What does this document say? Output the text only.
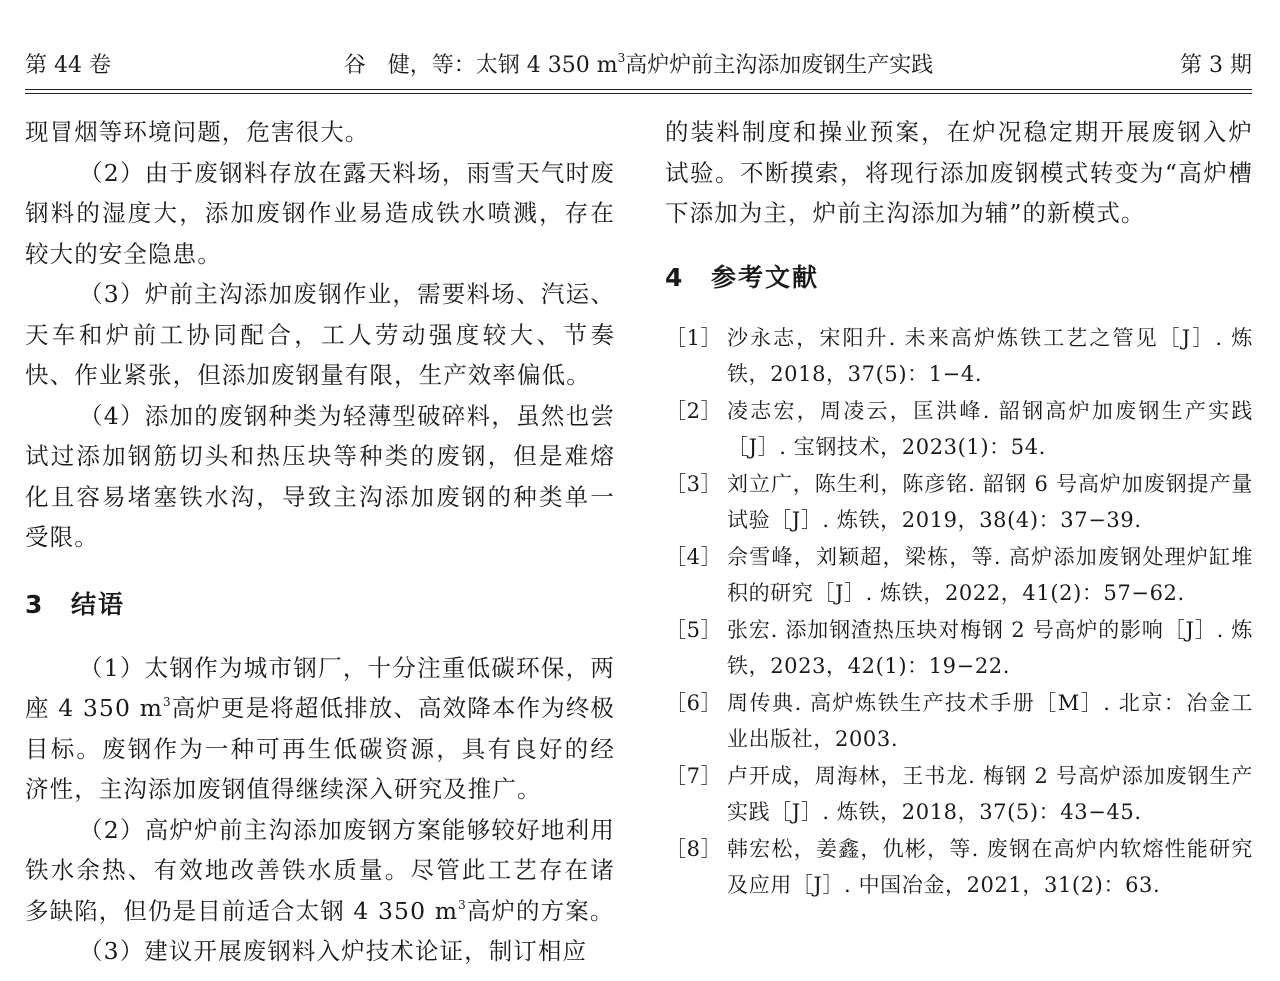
第 44 卷	谷　健，等：太钢 4 350 $m^3$高炉炉前主沟添加废钢生产实践	第 3 期

现冒烟等环境问题，危害很大。

（2）由于废钢料存放在露天料场，雨雪天气时废钢料的湿度大，添加废钢作业易造成铁水喷溅，存在较大的安全隐患。

（3）炉前主沟添加废钢作业，需要料场、汽运、天车和炉前工协同配合，工人劳动强度较大、节奏快、作业紧张，但添加废钢量有限，生产效率偏低。

（4）添加的废钢种类为轻薄型破碎料，虽然也尝试过添加钢筋切头和热压块等种类的废钢，但是难熔化且容易堵塞铁水沟，导致主沟添加废钢的种类单一受限。

3 结语

（1）太钢作为城市钢厂，十分注重低碳环保，两座 4 350 $m^3$高炉更是将超低排放、高效降本作为终极目标。废钢作为一种可再生低碳资源，具有良好的经济性，主沟添加废钢值得继续深入研究及推广。

（2）高炉炉前主沟添加废钢方案能够较好地利用铁水余热、有效地改善铁水质量。尽管此工艺存在诸多缺陷，但仍是目前适合太钢 4 350 $m^3$高炉的方案。

（3）建议开展废钢料入炉技术论证，制订相应

的装料制度和操业预案，在炉况稳定期开展废钢入炉试验。不断摸索，将现行添加废钢模式转变为“高炉槽下添加为主，炉前主沟添加为辅”的新模式。

4 参考文献
［1］ 沙永志，宋阳升. 未来高炉炼铁工艺之管见［J］. 炼铁，2018，37(5)：1−4.
［2］ 凌志宏，周凌云，匡洪峰. 韶钢高炉加废钢生产实践［J］. 宝钢技术，2023(1)：54.
［3］ 刘立广，陈生利，陈彦铭. 韶钢 6 号高炉加废钢提产量试验［J］. 炼铁，2019，38(4)：37−39.
［4］ 佘雪峰，刘颖超，梁栋，等. 高炉添加废钢处理炉缸堆积的研究［J］. 炼铁，2022，41(2)：57−62.
［5］ 张宏. 添加钢渣热压块对梅钢 2 号高炉的影响［J］. 炼铁，2023，42(1)：19−22.
［6］ 周传典. 高炉炼铁生产技术手册［M］. 北京：冶金工业出版社，2003.
［7］ 卢开成，周海林，王书龙. 梅钢 2 号高炉添加废钢生产实践［J］. 炼铁，2018，37(5)：43−45.
［8］ 韩宏松，姜鑫，仇彬，等. 废钢在高炉内软熔性能研究及应用［J］. 中国冶金，2021，31(2)：63.
